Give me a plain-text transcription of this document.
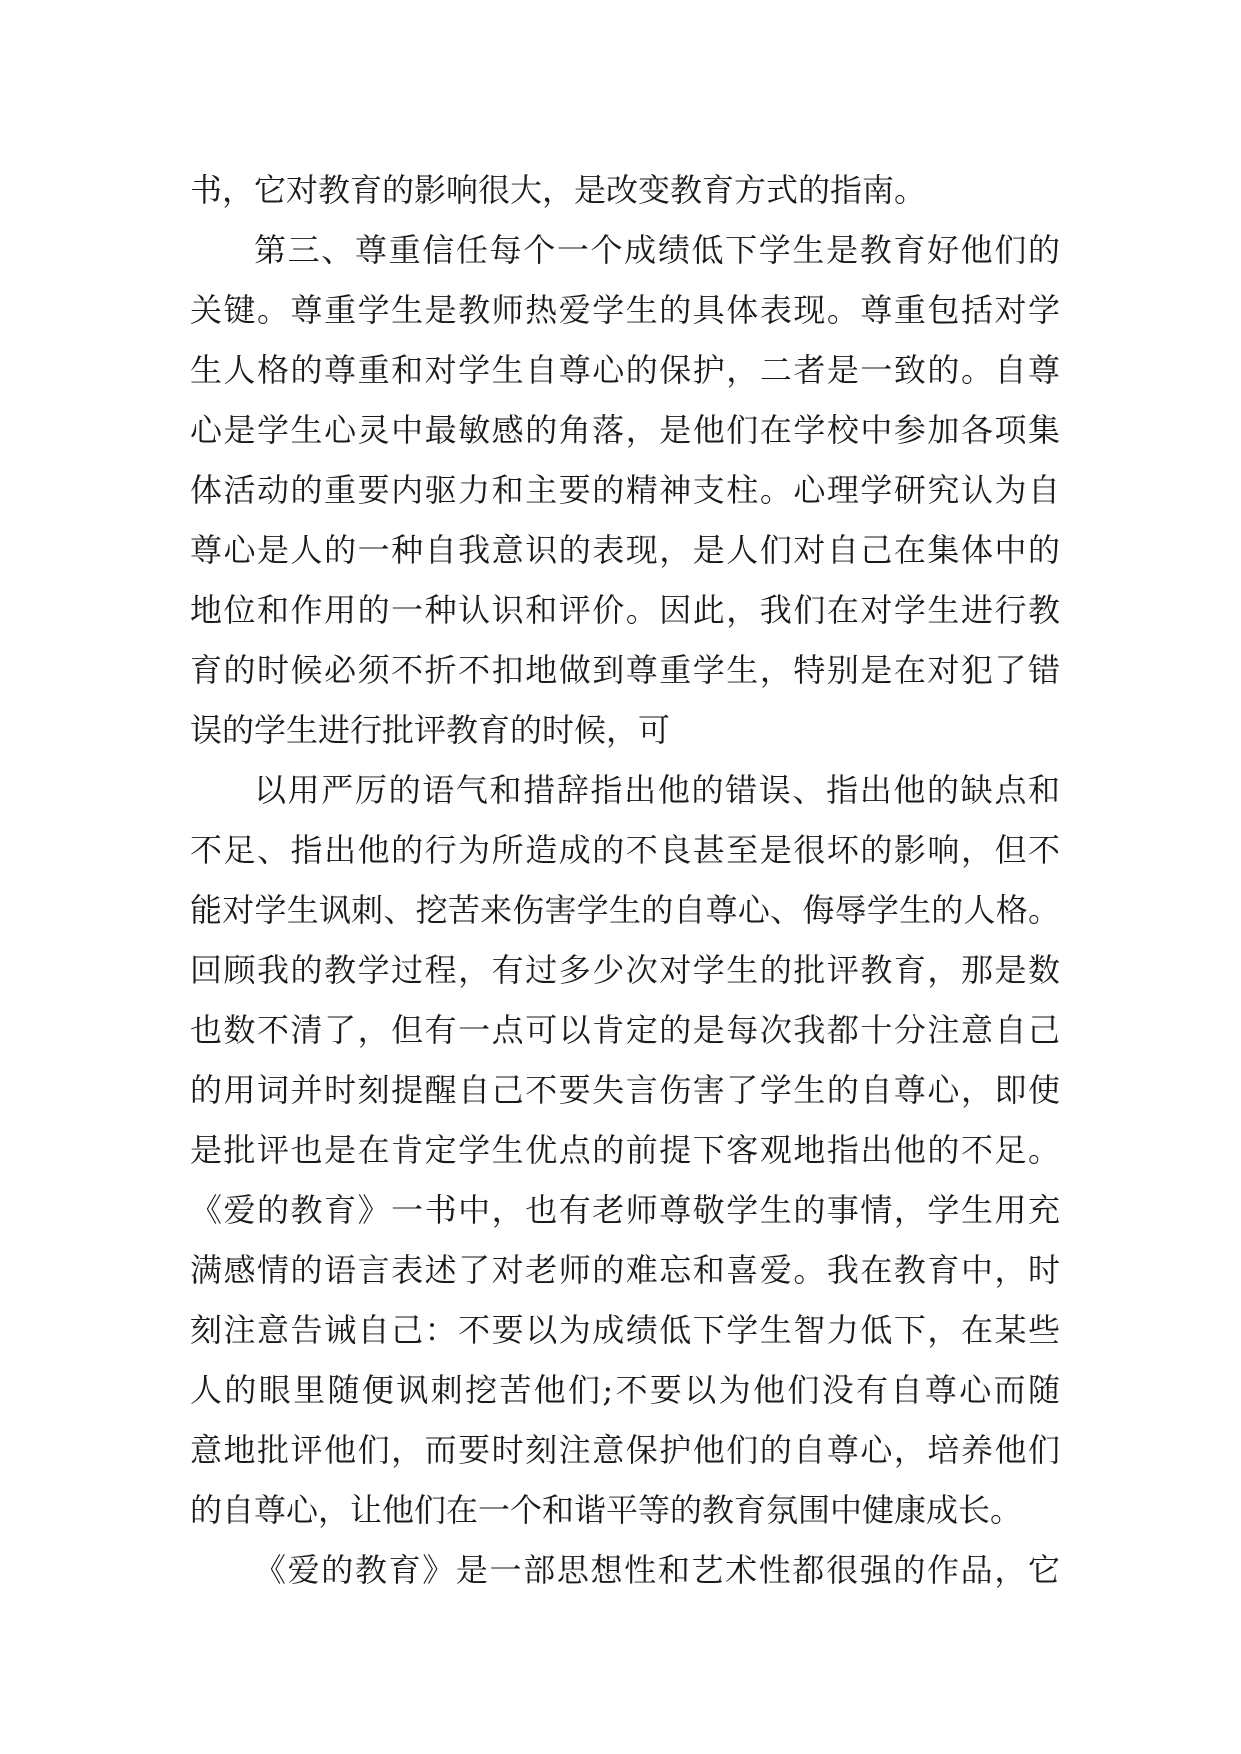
书，它对教育的影响很大，是改变教育方式的指南。
第三、尊重信任每个一个成绩低下学生是教育好他们的
关键。尊重学生是教师热爱学生的具体表现。尊重包括对学
生人格的尊重和对学生自尊心的保护，二者是一致的。自尊
心是学生心灵中最敏感的角落，是他们在学校中参加各项集
体活动的重要内驱力和主要的精神支柱。心理学研究认为自
尊心是人的一种自我意识的表现，是人们对自己在集体中的
地位和作用的一种认识和评价。因此，我们在对学生进行教
育的时候必须不折不扣地做到尊重学生，特别是在对犯了错
误的学生进行批评教育的时候，可
以用严厉的语气和措辞指出他的错误、指出他的缺点和
不足、指出他的行为所造成的不良甚至是很坏的影响，但不
能对学生讽刺、挖苦来伤害学生的自尊心、侮辱学生的人格。
回顾我的教学过程，有过多少次对学生的批评教育，那是数
也数不清了，但有一点可以肯定的是每次我都十分注意自己
的用词并时刻提醒自己不要失言伤害了学生的自尊心，即使
是批评也是在肯定学生优点的前提下客观地指出他的不足。
《爱的教育》一书中，也有老师尊敬学生的事情，学生用充
满感情的语言表述了对老师的难忘和喜爱。我在教育中，时
刻注意告诫自己：不要以为成绩低下学生智力低下，在某些
人的眼里随便讽刺挖苦他们;不要以为他们没有自尊心而随
意地批评他们，而要时刻注意保护他们的自尊心，培养他们
的自尊心，让他们在一个和谐平等的教育氛围中健康成长。
《爱的教育》是一部思想性和艺术性都很强的作品，它
